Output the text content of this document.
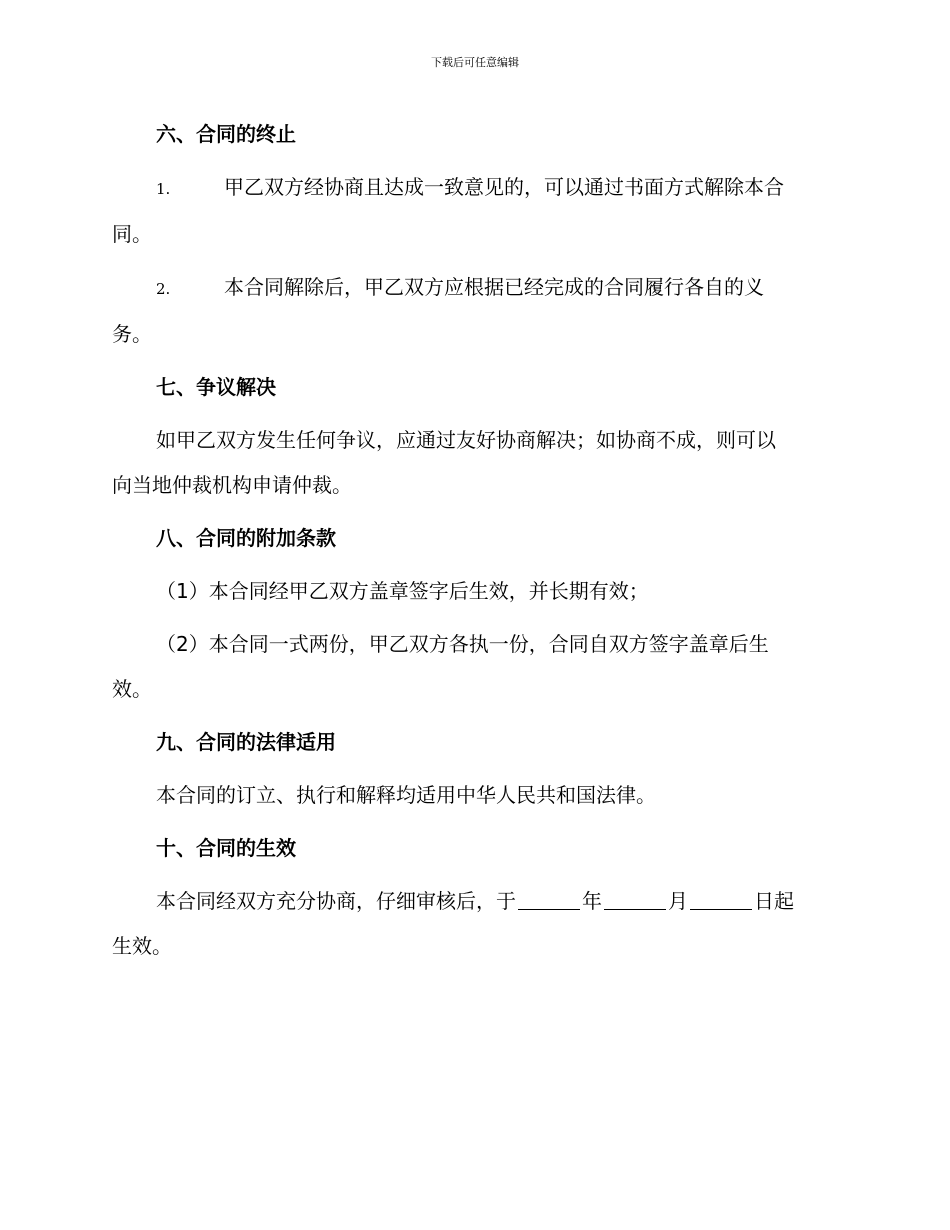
下载后可任意编辑
六、合同的终止
1.	甲乙双方经协商且达成一致意见的，可以通过书面方式解除本合
同。
2.	本合同解除后，甲乙双方应根据已经完成的合同履行各自的义
务。
七、争议解决
如甲乙双方发生任何争议，应通过友好协商解决；如协商不成，则可以
向当地仲裁机构申请仲裁。
八、合同的附加条款
（1）本合同经甲乙双方盖章签字后生效，并长期有效；
（2）本合同一式两份，甲乙双方各执一份，合同自双方签字盖章后生
效。
九、合同的法律适用
本合同的订立、执行和解释均适用中华人民共和国法律。
十、合同的生效
本合同经双方充分协商，仔细审核后，于	年	月	日起
生效。
